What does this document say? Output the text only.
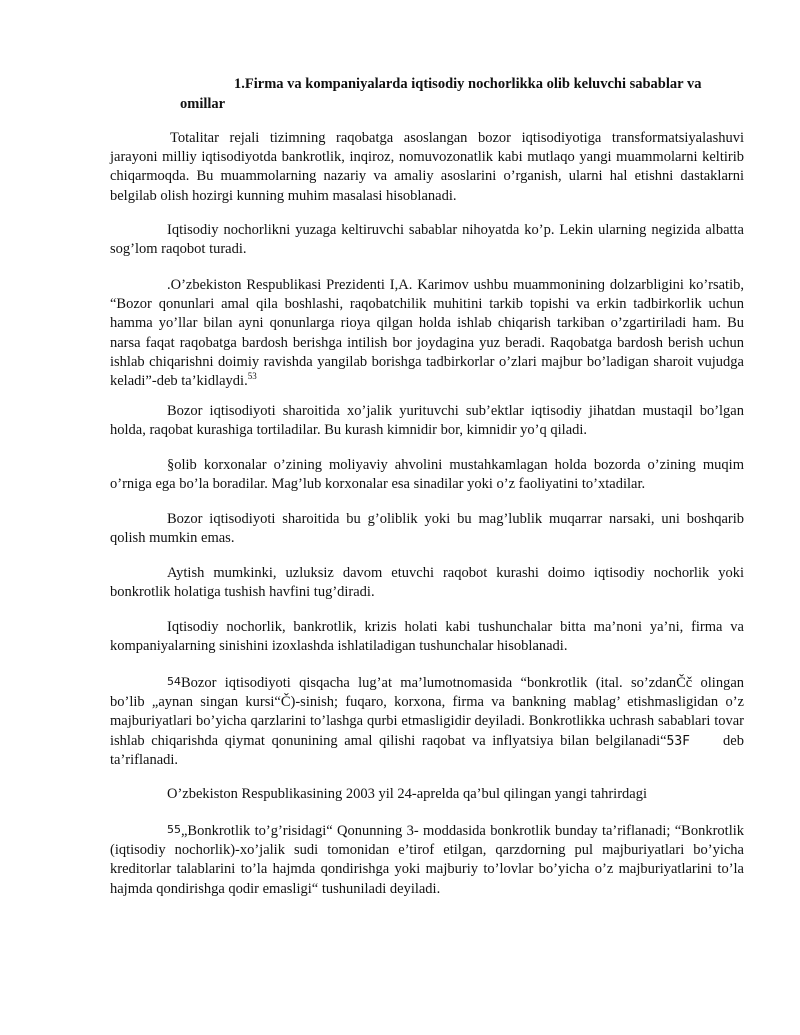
1.Firma va kompaniyalarda iqtisodiy nochorlikka olib keluvchi sabablar va
omillar

Totalitar rejali tizimning raqobatga asoslangan bozor iqtisodiyotiga transformatsiyalashuvi jarayoni milliy iqtisodiyotda bankrotlik, inqiroz, nomuvozonatlik kabi mutlaqo yangi muammolarni keltirib chiqarmoqda. Bu muammolarning nazariy va amaliy asoslarini o’rganish, ularni hal etishni dastaklarni belgilab olish hozirgi kunning muhim masalasi hisoblanadi.

Iqtisodiy nochorlikni yuzaga keltiruvchi sabablar nihoyatda ko’p. Lekin ularning negizida albatta sog’lom raqobot turadi.

.O’zbekiston Respublikasi Prezidenti I,A. Karimov ushbu muammonininɡ dolzarbligini ko’rsatib, “Bozor qonunlari amal qila boshlashi, raqobatchilik muhitini tarkib topishi va erkin tadbirkorlik uchun hamma yo’llar bilan ayni qonunlarga rioya qilgan holda ishlab chiqarish tarkiban o’zgartiriladi ham. Bu narsa faqat raqobatga bardosh berishga intilish bor joydagina yuz beradi. Raqobatga bardosh berish uchun ishlab chiqarishni doimiy ravishda yangilab borishga tadbirkorlar o’zlari majbur bo’ladigan sharoit vujudga keladi”-deb ta’kidlaydi.$^{53}$

Bozor iqtisodiyoti sharoitida xo’jalik yurituvchi sub’ektlar iqtisodiy jihatdan mustaqil bo’lgan holda, raqobat kurashiga tortiladilar. Bu kurash kimnidir bor, kimnidir yo’q qiladi.

§olib korxonalar o’zining moliyaviy ahvolini mustahkamlagan holda bozorda o’zining muqim o’rniga ega bo’la boradilar. Mag’lub korxonalar esa sinadilar yoki o’z faoliyatini to’xtadilar.

Bozor iqtisodiyoti sharoitida bu g’oliblik yoki bu mag’lublik muqarrar narsaki, uni boshqarib qolish mumkin emas.

Aytish mumkinki, uzluksiz davom etuvchi raqobot kurashi doimo iqtisodiy nochorlik yoki bonkrotlik holatiga tushish havfini tug’diradi.

Iqtisodiy nochorlik, bankrotlik, krizis holati kabi tushunchalar bitta ma’noni ya’ni, firma va kompaniyalarning sinishini izoxlashda ishlatiladigan tushunchalar hisoblanadi.

54Bozor iqtisodiyoti qisqacha lug’at ma’lumotnomasida “bonkrotlik (ital. so’zdanČč olingan bo’lib „aynan singan kursi“Č)-sinish; fuqaro, korxona, firma va bankning mablag’ etishmasligidan o’z majburiyatlari bo’yicha qarzlarini to’lashga qurbi etmasligidir deyiladi. Bonkrotlikka uchrash sabablari tovar ishlab chiqarishda qiymat qonunining amal qilishi raqobat va inflyatsiya bilan belgilanadi“53F     deb ta’riflanadi.

O’zbekiston Respublikasining 2003 yil 24-aprelda qa’bul qilingan yangi tahrirdagi

55„Bonkrotlik to’g’risidagi“ Qonunning 3- moddasida bonkrotlik bunday ta’riflanadi; “Bonkrotlik (iqtisodiy nochorlik)-xo’jalik sudi tomonidan e’tirof etilgan, qarzdorning pul majburiyatlari bo’yicha kreditorlar talablarini to’la hajmda qondirishga yoki majburiy to’lovlar bo’yicha o’z majburiyatlarini to’la hajmda qondirishga qodir emasligi“ tushuniladi deyiladi.
